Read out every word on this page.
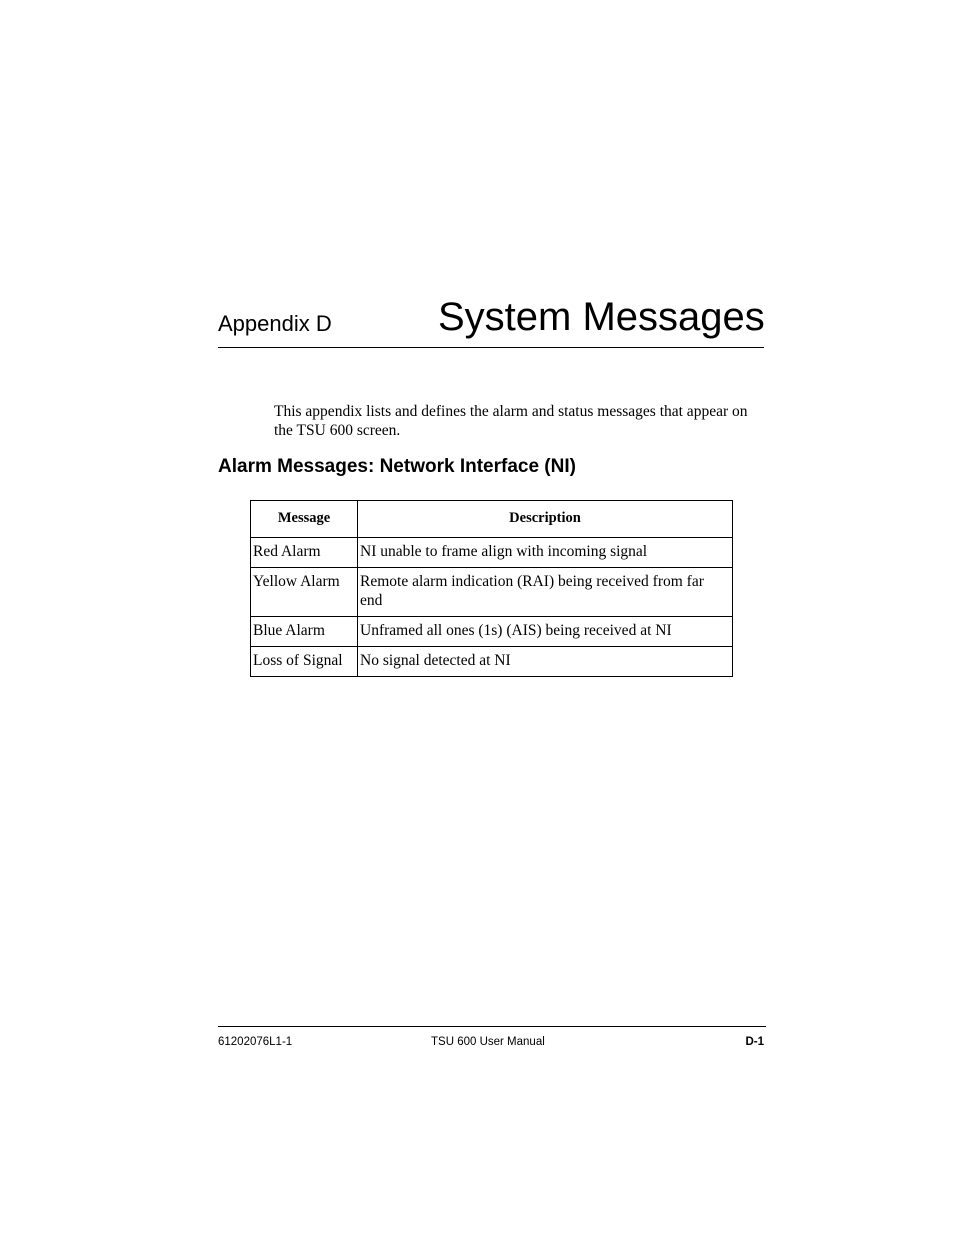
Appendix D	System Messages

This appendix lists and defines the alarm and status messages that appear on the TSU 600 screen.

Alarm Messages: Network Interface (NI)
Message	Description
Red Alarm	NI unable to frame align with incoming signal
Yellow Alarm	Remote alarm indication (RAI) being received from far end
Blue Alarm	Unframed all ones (1s) (AIS) being received at NI
Loss of Signal	No signal detected at NI
61202076L1-1	TSU 600 User Manual	D-1
